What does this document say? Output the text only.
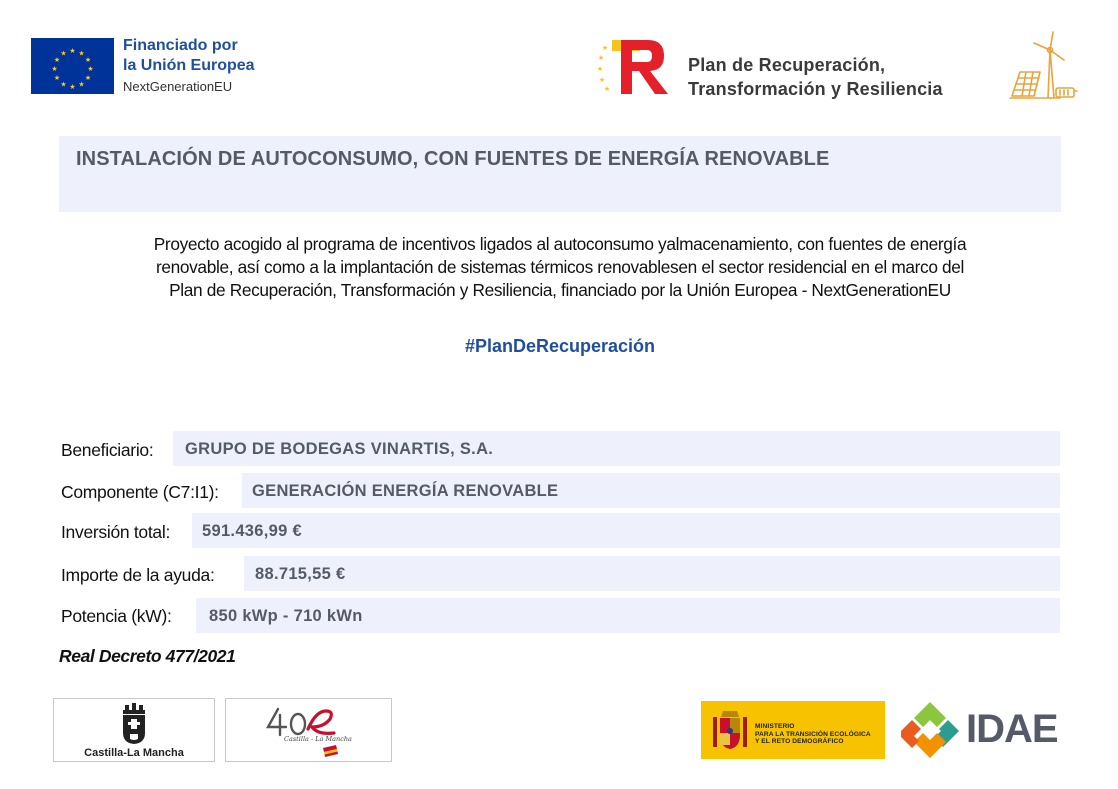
★ ★
★
★
★
★
★
★
★
★
★
★	Financiado por
la Unión Europea
NextGenerationEU
★
★
★
★
★
Plan de Recuperación,
Transformación y Resiliencia
INSTALACIÓN DE AUTOCONSUMO, CON FUENTES DE ENERGÍA RENOVABLE
Proyecto acogido al programa de incentivos ligados al autoconsumo yalmacenamiento, con fuentes de energía
renovable, así como a la implantación de sistemas térmicos renovablesen el sector residencial en el marco del
Plan de Recuperación, Transformación y Resiliencia, financiado por la Unión Europea - NextGenerationEU
#PlanDeRecuperación
Beneficiario: GRUPO DE BODEGAS VINARTIS, S.A.
Componente (C7:I1): GENERACIÓN ENERGÍA RENOVABLE
Inversión total: 591.436,99 €
Importe de la ayuda: 88.715,55 €
Potencia (kW): 850 kWp - 710 kWn
Real Decreto 477/2021
Castilla-La Mancha
Castilla - La Mancha
MINISTERIO
PARA LA TRANSICIÓN ECOLÓGICA
Y EL RETO DEMOGRÁFICO	IDAE
